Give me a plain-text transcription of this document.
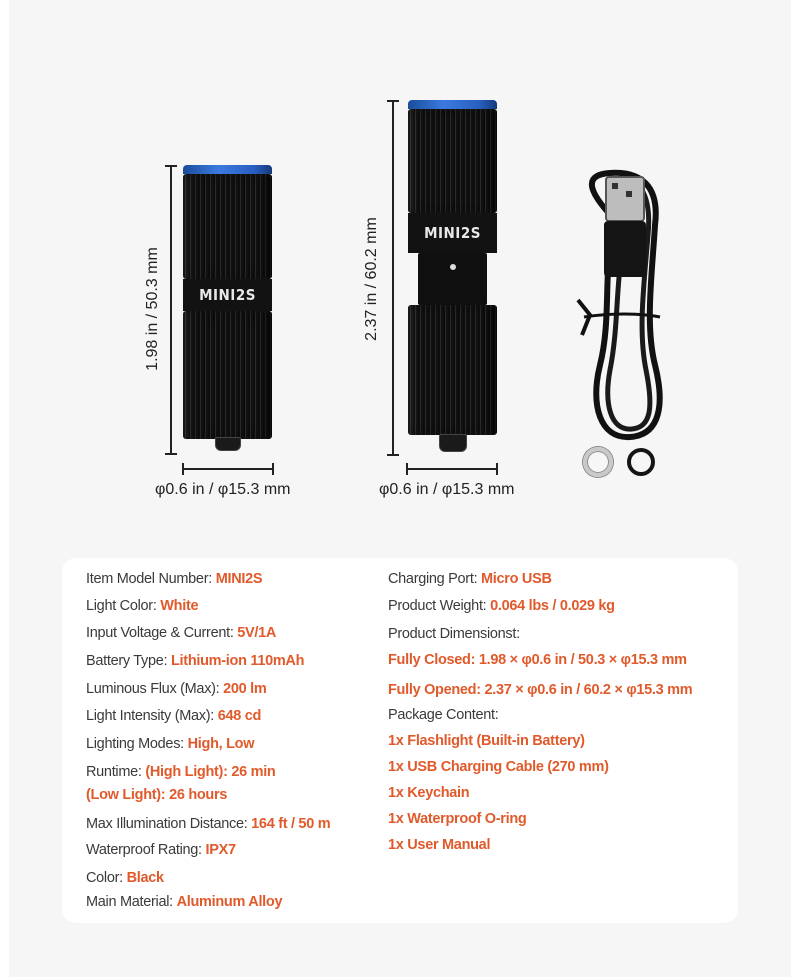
1.98 in / 50.3 mm	MINI2S
φ0.6 in / φ15.3 mm
2.37 in / 60.2 mm	MINI2S
φ0.6 in / φ15.3 mm
Item Model Number: MINI2S
Light Color: White
Input Voltage & Current: 5V/1A
Battery Type: Lithium-ion 110mAh
Luminous Flux (Max): 200 lm
Light Intensity (Max): 648 cd
Lighting Modes: High, Low
Runtime: (High Light): 26 min
(Low Light): 26 hours
Max Illumination Distance: 164 ft / 50 m
Waterproof Rating: IPX7
Color: Black
Main Material: Aluminum Alloy
Charging Port: Micro USB
Product Weight: 0.064 lbs / 0.029 kg
Product Dimensionst:
Fully Closed: 1.98 × φ0.6 in / 50.3 × φ15.3 mm
Fully Opened: 2.37 × φ0.6 in / 60.2 × φ15.3 mm
Package Content:
1x Flashlight (Built-in Battery)
1x USB Charging Cable (270 mm)
1x Keychain
1x Waterproof O-ring
1x User Manual
